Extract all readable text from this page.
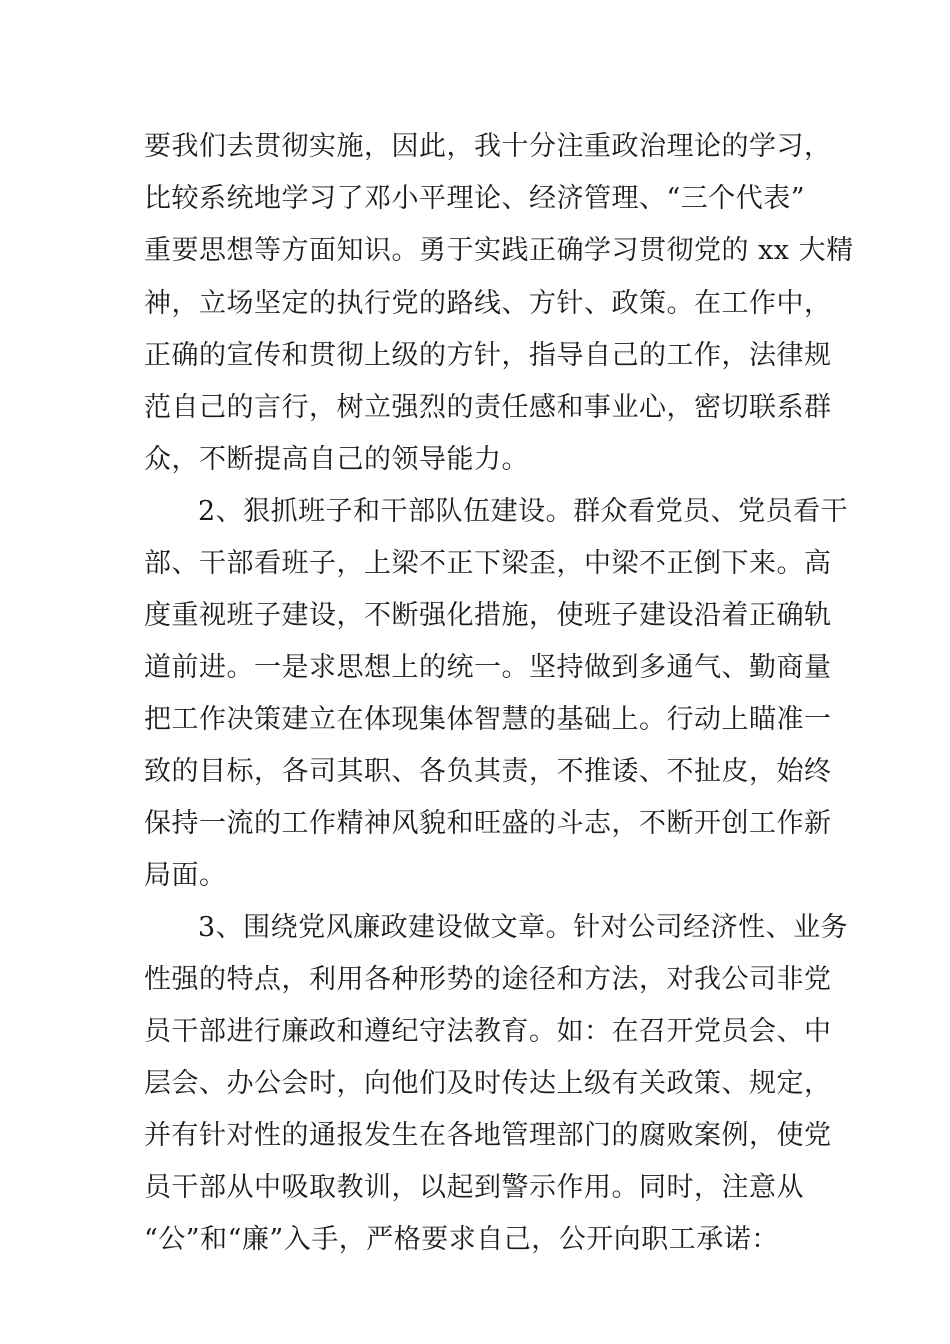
要我们去贯彻实施，因此，我十分注重政治理论的学习，
比较系统地学习了邓小平理论、经济管理、“三个代表”
重要思想等方面知识。勇于实践正确学习贯彻党的 xx 大精
神，立场坚定的执行党的路线、方针、政策。在工作中，
正确的宣传和贯彻上级的方针，指导自己的工作，法律规
范自己的言行，树立强烈的责任感和事业心，密切联系群
众，不断提高自己的领导能力。
2、狠抓班子和干部队伍建设。群众看党员、党员看干
部、干部看班子，上梁不正下梁歪，中梁不正倒下来。高
度重视班子建设，不断强化措施，使班子建设沿着正确轨
道前进。一是求思想上的统一。坚持做到多通气、勤商量
把工作决策建立在体现集体智慧的基础上。行动上瞄准一
致的目标，各司其职、各负其责，不推诿、不扯皮，始终
保持一流的工作精神风貌和旺盛的斗志，不断开创工作新
局面。
3、围绕党风廉政建设做文章。针对公司经济性、业务
性强的特点，利用各种形势的途径和方法，对我公司非党
员干部进行廉政和遵纪守法教育。如：在召开党员会、中
层会、办公会时，向他们及时传达上级有关政策、规定，
并有针对性的通报发生在各地管理部门的腐败案例，使党
员干部从中吸取教训，以起到警示作用。同时，注意从
“公”和“廉”入手，严格要求自己，公开向职工承诺：
